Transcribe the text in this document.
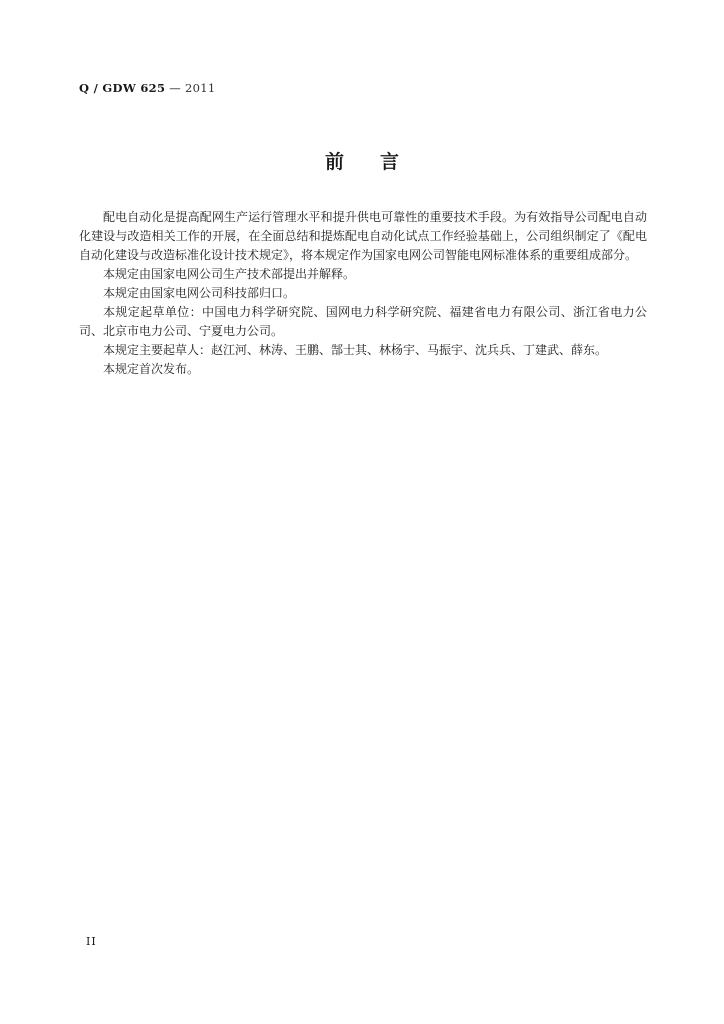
Q / GDW 625 — 2011
前言

配电自动化是提高配网生产运行管理水平和提升供电可靠性的重要技术手段。为有效指导公司配电自动化建设与改造相关工作的开展，在全面总结和提炼配电自动化试点工作经验基础上，公司组织制定了《配电自动化建设与改造标准化设计技术规定》，将本规定作为国家电网公司智能电网标准体系的重要组成部分。

本规定由国家电网公司生产技术部提出并解释。

本规定由国家电网公司科技部归口。

本规定起草单位：中国电力科学研究院、国网电力科学研究院、福建省电力有限公司、浙江省电力公司、北京市电力公司、宁夏电力公司。

本规定主要起草人：赵江河、林涛、王鹏、郜士其、林杨宇、马振宇、沈兵兵、丁建武、薛东。

本规定首次发布。

II
